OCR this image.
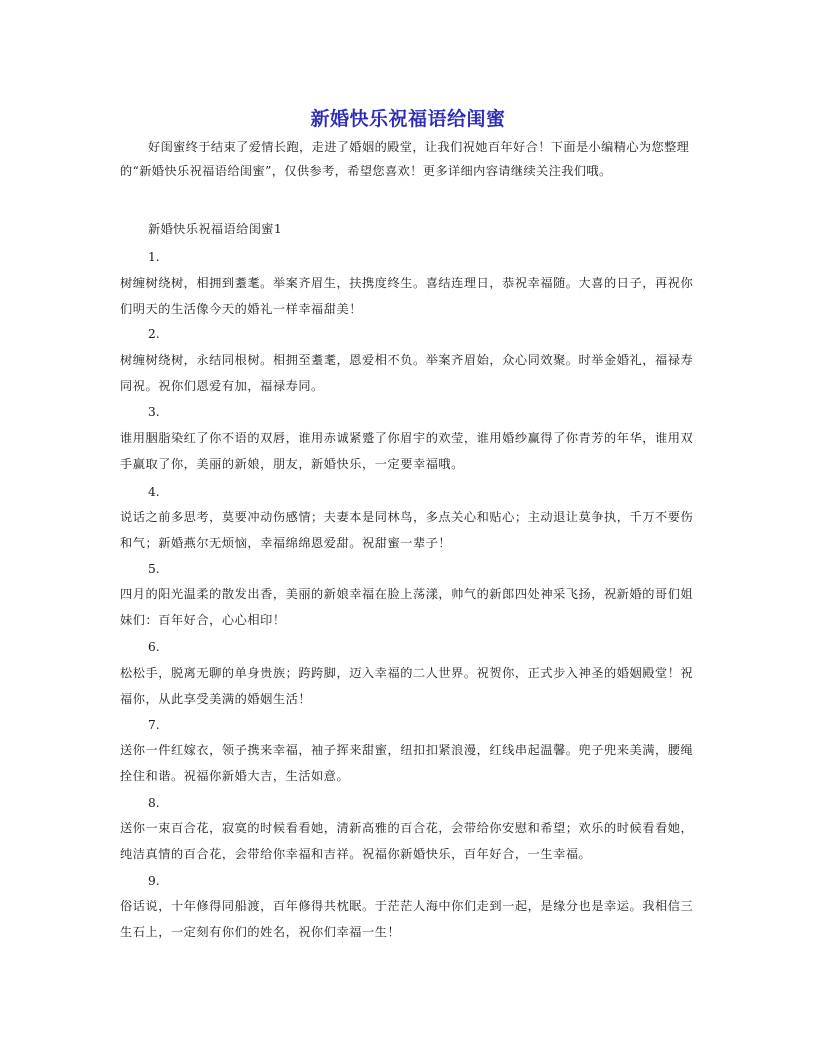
新婚快乐祝福语给闺蜜
好闺蜜终于结束了爱情长跑，走进了婚姻的殿堂，让我们祝她百年好合！下面是小编精心为您整理的“新婚快乐祝福语给闺蜜”，仅供参考，希望您喜欢！更多详细内容请继续关注我们哦。
新婚快乐祝福语给闺蜜1
1.
树缠树绕树，相拥到耋耄。举案齐眉生，扶携度终生。喜结连理日，恭祝幸福随。大喜的日子，再祝你们明天的生活像今天的婚礼一样幸福甜美！
2.
树缠树绕树，永结同根树。相拥至耋耄，恩爱相不负。举案齐眉始，众心同效聚。时举金婚礼，福禄寿同祝。祝你们恩爱有加，福禄寿同。
3.
谁用胭脂染红了你不语的双唇，谁用赤诚紧蹙了你眉宇的欢莹，谁用婚纱赢得了你青芳的年华，谁用双手赢取了你，美丽的新娘，朋友，新婚快乐，一定要幸福哦。
4.
说话之前多思考，莫要冲动伤感情；夫妻本是同林鸟，多点关心和贴心；主动退让莫争执，千万不要伤和气；新婚燕尔无烦恼，幸福绵绵恩爱甜。祝甜蜜一辈子！
5.
四月的阳光温柔的散发出香，美丽的新娘幸福在脸上荡漾，帅气的新郎四处神采飞扬，祝新婚的哥们姐妹们：百年好合，心心相印！
6.
松松手，脱离无聊的单身贵族；跨跨脚，迈入幸福的二人世界。祝贺你，正式步入神圣的婚姻殿堂！祝福你，从此享受美满的婚姻生活！
7.
送你一件红嫁衣，领子携来幸福，袖子挥来甜蜜，纽扣扣紧浪漫，红线串起温馨。兜子兜来美满，腰绳拴住和谐。祝福你新婚大吉，生活如意。
8.
送你一束百合花，寂寞的时候看看她，清新高雅的百合花，会带给你安慰和希望；欢乐的时候看看她，纯洁真情的百合花，会带给你幸福和吉祥。祝福你新婚快乐，百年好合，一生幸福。
9.
俗话说，十年修得同船渡，百年修得共枕眠。于茫茫人海中你们走到一起，是缘分也是幸运。我相信三生石上，一定刻有你们的姓名，祝你们幸福一生！
